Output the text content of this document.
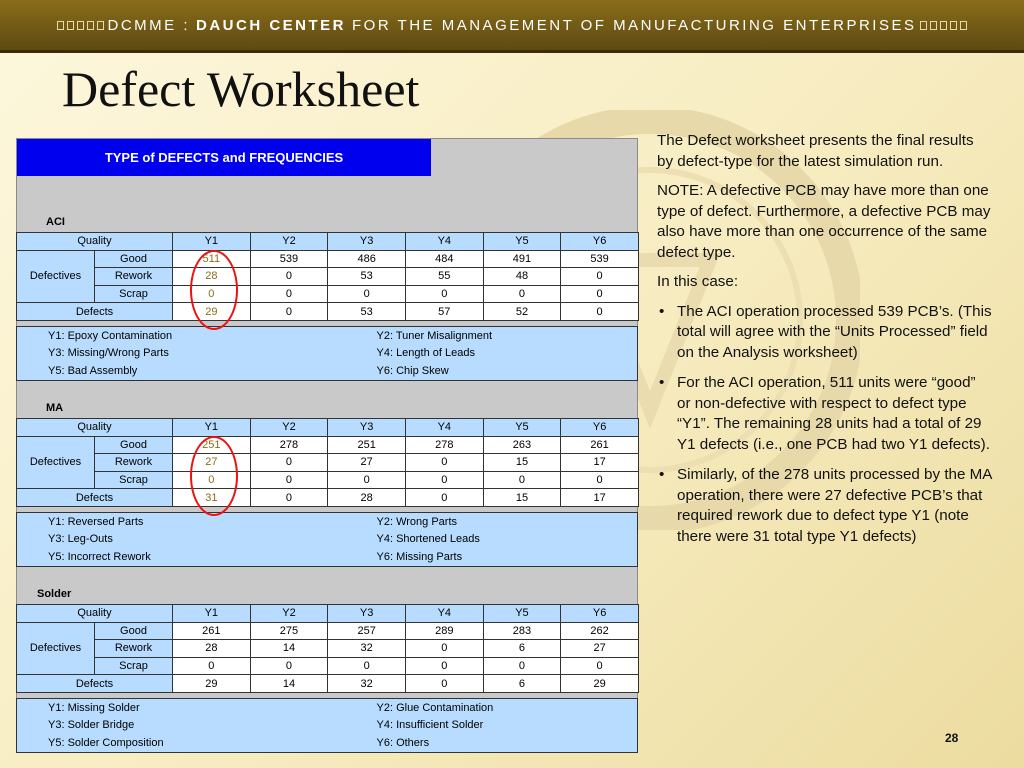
DCMME : DAUCH CENTER FOR THE MANAGEMENT OF MANUFACTURING ENTERPRISES
Defect Worksheet
TYPE of DEFECTS and FREQUENCIES
ACI
Quality		Y1	Y2	Y3	Y4	Y5	Y6
Defectives	Good	511	539	486	484	491	539
	Rework	28	0	53	55	48	0
	Scrap	0	0	0	0	0	0
Defects		29	0	53	57	52	0
Y1: Epoxy Contamination	Y2: Tuner Misalignment
Y3: Missing/Wrong Parts	Y4: Length of Leads
Y5: Bad Assembly	Y6: Chip Skew
MA
Quality		Y1	Y2	Y3	Y4	Y5	Y6
Defectives	Good	251	278	251	278	263	261
	Rework	27	0	27	0	15	17
	Scrap	0	0	0	0	0	0
Defects		31	0	28	0	15	17
Y1: Reversed Parts	Y2: Wrong Parts
Y3: Leg-Outs	Y4: Shortened Leads
Y5: Incorrect Rework	Y6: Missing Parts
Solder
Quality		Y1	Y2	Y3	Y4	Y5	Y6
Defectives	Good	261	275	257	289	283	262
	Rework	28	14	32	0	6	27
	Scrap	0	0	0	0	0	0
Defects		29	14	32	0	6	29
Y1: Missing Solder	Y2: Glue Contamination
Y3: Solder Bridge	Y4: Insufficient Solder
Y5: Solder Composition	Y6: Others

The Defect worksheet presents the final results by defect-type for the latest simulation run.

NOTE: A defective PCB may have more than one type of defect. Furthermore, a defective PCB may also have more than one occurrence of the same defect type.

In this case:

• The ACI operation processed 539 PCB’s. (This total will agree with the “Units Processed” field on the Analysis worksheet)
• For the ACI operation, 511 units were “good” or non-defective with respect to defect type “Y1”. The remaining 28 units had a total of 29 Y1 defects (i.e., one PCB had two Y1 defects).
• Similarly, of the 278 units processed by the MA operation, there were 27 defective PCB’s that required rework due to defect type Y1 (note there were 31 total type Y1 defects)
28
